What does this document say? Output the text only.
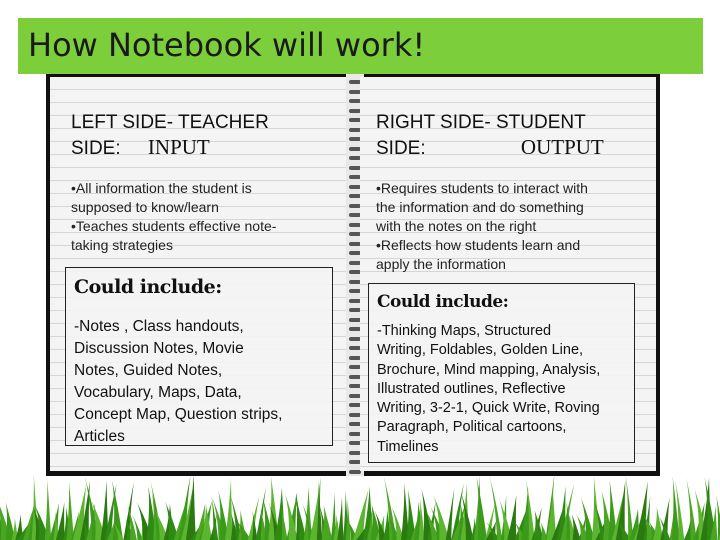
How Notebook will work!
LEFT SIDE- TEACHER
SIDE: INPUT
•All information the student is
supposed to know/learn
•Teaches students effective note-
taking strategies
Could include:
-Notes , Class handouts,
Discussion Notes, Movie
Notes, Guided Notes,
Vocabulary, Maps, Data,
Concept Map, Question strips,
Articles
RIGHT SIDE- STUDENT
SIDE:	OUTPUT
•Requires students to interact with
the information and do something
with the notes on the right
•Reflects how students learn and
apply the information
Could include:
-Thinking Maps, Structured
Writing, Foldables, Golden Line,
Brochure, Mind mapping, Analysis,
Illustrated outlines, Reflective
Writing, 3-2-1, Quick Write, Roving
Paragraph, Political cartoons,
Timelines
